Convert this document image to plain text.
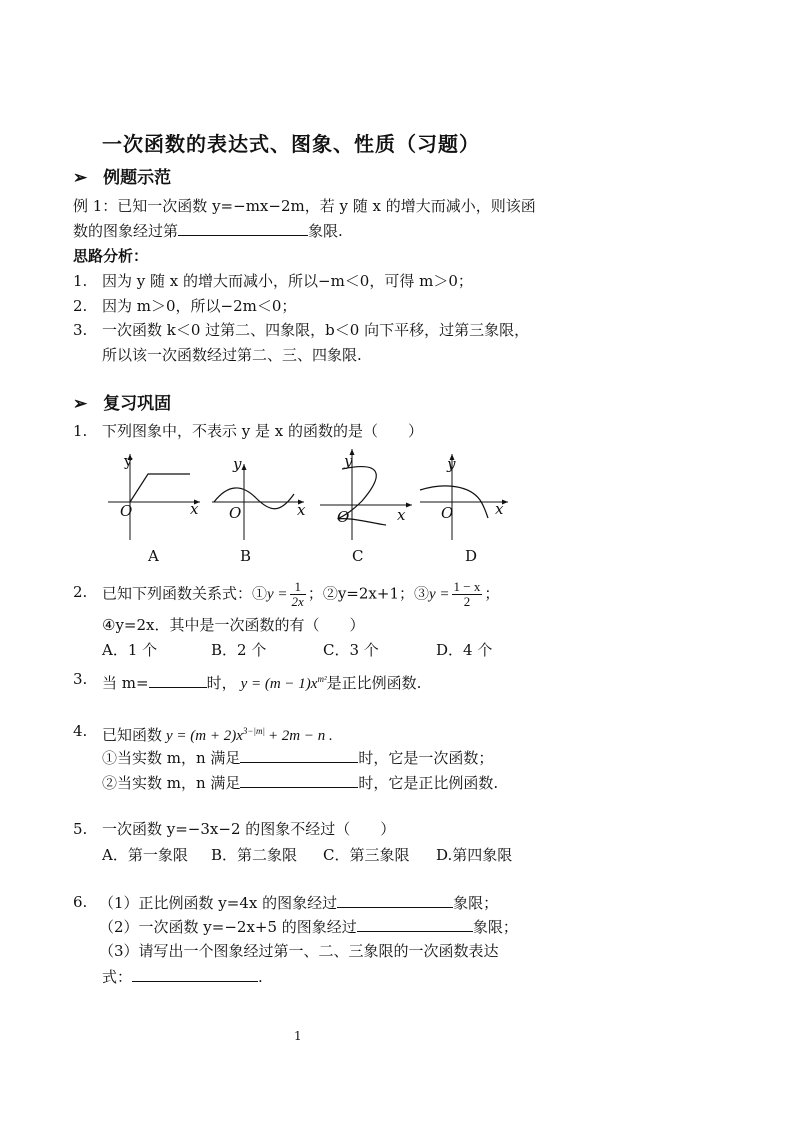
一次函数的表达式、图象、性质（习题）
➢ 例题示范
例 1：已知一次函数 y=−mx−2m，若 y 随 x 的增大而减小，则该函
数的图象经过第	象限.
思路分析：
1. 因为 y 随 x 的增大而减小，所以−m＜0，可得 m＞0；
2. 因为 m＞0，所以−2m＜0；
3. 一次函数 k＜0 过第二、四象限，b＜0 向下平移，过第三象限，
所以该一次函数经过第二、三、四象限.
➢ 复习巩固
1. 下列图象中，不表示 y 是 x 的函数的是（　　）
y
x
O
y
x
O
y
x
O
y
x
O
A	B	C	D
2. 已知下列函数关系式：①y = $\frac{1}{2x}$ ；②y=2x+1；③y = $\frac{1 - x}{2}$ ；
④y=2x．其中是一次函数的有（　　）
A．1 个	B．2 个	C．3 个	D．4 个
3. 当 m=	时， $y = (m - 1)x^{m^2}$是正比例函数.
4. 已知函数 $y = (m + 2)x^{3-|m|} + 2m - n$ .
①当实数 m，n 满足	时，它是一次函数；
②当实数 m，n 满足	时，它是正比例函数.
5. 一次函数 y=−3x−2 的图象不经过（　　）
A．第一象限 B．第二象限 C．第三象限 D.第四象限
6. （1）正比例函数 y=4x 的图象经过	象限；
（2）一次函数 y=−2x+5 的图象经过	象限；
（3）请写出一个图象经过第一、二、三象限的一次函数表达
式：	.
1
